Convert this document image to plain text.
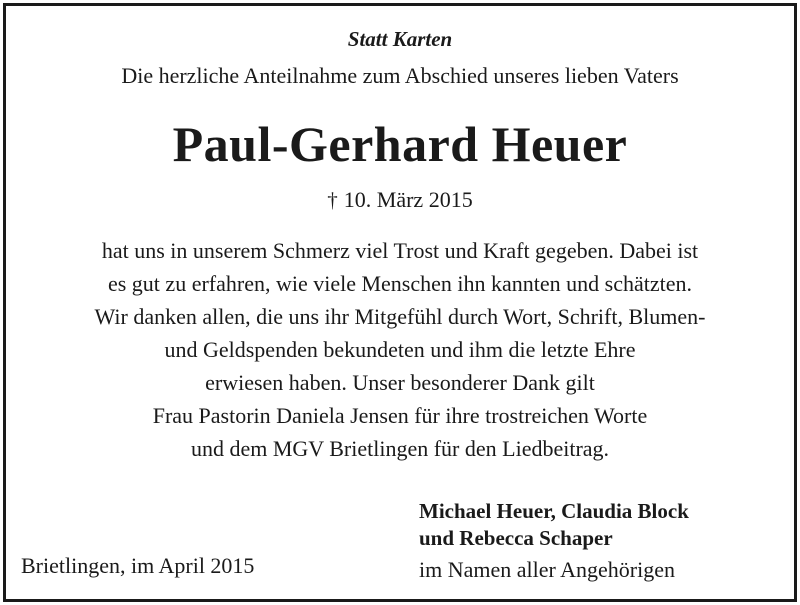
Statt Karten
Die herzliche Anteilnahme zum Abschied unseres lieben Vaters
Paul-Gerhard Heuer
† 10. März 2015
hat uns in unserem Schmerz viel Trost und Kraft gegeben. Dabei ist
es gut zu erfahren, wie viele Menschen ihn kannten und schätzten.
Wir danken allen, die uns ihr Mitgefühl durch Wort, Schrift, Blumen-
und Geldspenden bekundeten und ihm die letzte Ehre
erwiesen haben. Unser besonderer Dank gilt
Frau Pastorin Daniela Jensen für ihre trostreichen Worte
und dem MGV Brietlingen für den Liedbeitrag.
Michael Heuer, Claudia Block
und Rebecca Schaper
im Namen aller Angehörigen
Brietlingen, im April 2015
